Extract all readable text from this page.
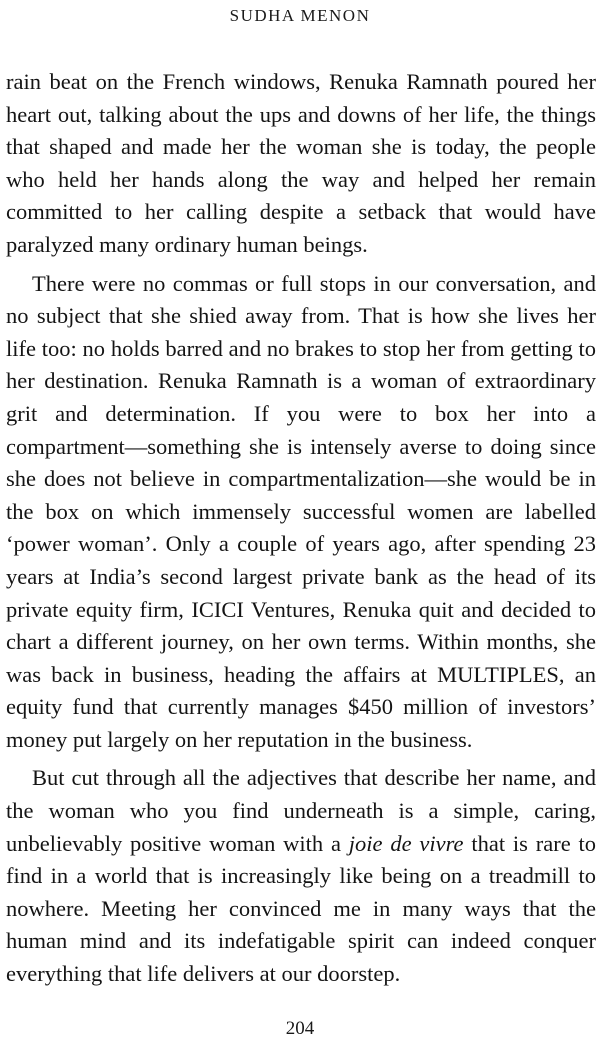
SUDHA MENON

rain beat on the French windows, Renuka Ramnath poured her heart out, talking about the ups and downs of her life, the things that shaped and made her the woman she is today, the people who held her hands along the way and helped her remain committed to her calling despite a setback that would have paralyzed many ordinary human beings.

There were no commas or full stops in our conversation, and no subject that she shied away from. That is how she lives her life too: no holds barred and no brakes to stop her from getting to her destination. Renuka Ramnath is a woman of extraordinary grit and determination. If you were to box her into a compartment—something she is intensely averse to doing since she does not believe in compartmentalization—she would be in the box on which immensely successful women are labelled ‘power woman’. Only a couple of years ago, after spending 23 years at India’s second largest private bank as the head of its private equity firm, ICICI Ventures, Renuka quit and decided to chart a different journey, on her own terms. Within months, she was back in business, heading the affairs at MULTIPLES, an equity fund that currently manages $450 million of investors’ money put largely on her reputation in the business.

But cut through all the adjectives that describe her name, and the woman who you find underneath is a simple, caring, unbelievably positive woman with a joie de vivre that is rare to find in a world that is increasingly like being on a treadmill to nowhere. Meeting her convinced me in many ways that the human mind and its indefatigable spirit can indeed conquer everything that life delivers at our doorstep.

204
